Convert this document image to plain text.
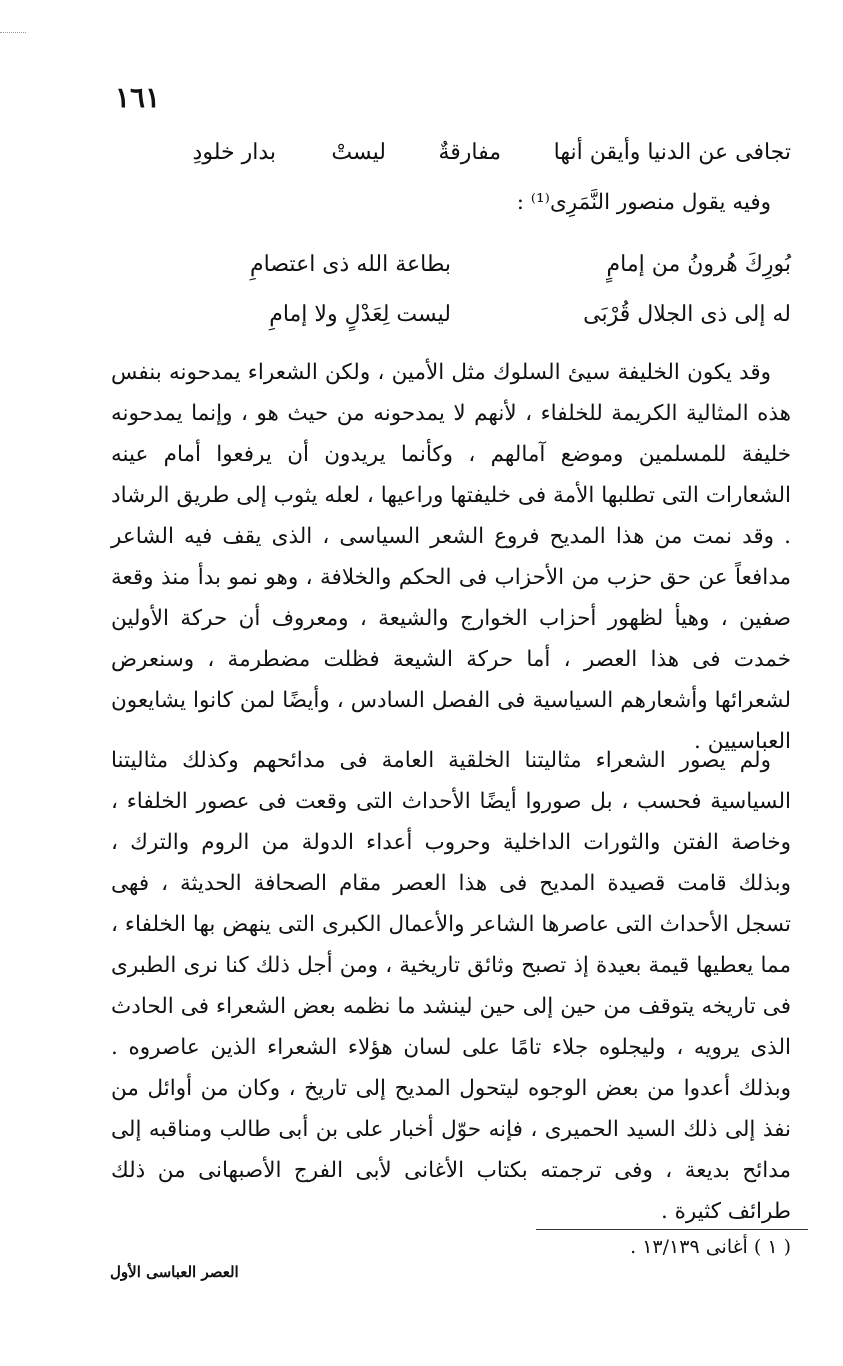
١٦١
تجافى عن الدنيا وأيقن أنها
مفارقةٌ
ليستْ
بدار خلودِ
وفيه يقول منصور النَّمَرِى⁽¹⁾ :
بُورِكَ هُرونُ من إمامٍ
بطاعة الله ذى اعتصامِ
له إلى ذى الجلال قُرْبَى
ليست لِعَدْلٍ ولا إمامِ
وقد يكون الخليفة سيئ السلوك مثل الأمين ، ولكن الشعراء يمدحونه بنفس هذه المثالية الكريمة للخلفاء ، لأنهم لا يمدحونه من حيث هو ، وإنما يمدحونه خليفة للمسلمين وموضع آمالهم ، وكأنما يريدون أن يرفعوا أمام عينه الشعارات التى تطلبها الأمة فى خليفتها وراعيها ، لعله يثوب إلى طريق الرشاد . وقد نمت من هذا المديح فروع الشعر السياسى ، الذى يقف فيه الشاعر مدافعاً عن حق حزب من الأحزاب فى الحكم والخلافة ، وهو نمو بدأ منذ وقعة صفين ، وهيأ لظهور أحزاب الخوارج والشيعة ، ومعروف أن حركة الأولين خمدت فى هذا العصر ، أما حركة الشيعة فظلت مضطرمة ، وسنعرض لشعرائها وأشعارهم السياسية فى الفصل السادس ، وأيضًا لمن كانوا يشايعون العباسيين .
ولم يصور الشعراء مثاليتنا الخلقية العامة فى مدائحهم وكذلك مثاليتنا السياسية فحسب ، بل صوروا أيضًا الأحداث التى وقعت فى عصور الخلفاء ، وخاصة الفتن والثورات الداخلية وحروب أعداء الدولة من الروم والترك ، وبذلك قامت قصيدة المديح فى هذا العصر مقام الصحافة الحديثة ، فهى تسجل الأحداث التى عاصرها الشاعر والأعمال الكبرى التى ينهض بها الخلفاء ، مما يعطيها قيمة بعيدة إذ تصبح وثائق تاريخية ، ومن أجل ذلك كنا نرى الطبرى فى تاريخه يتوقف من حين إلى حين لينشد ما نظمه بعض الشعراء فى الحادث الذى يرويه ، وليجلوه جلاء تامًا على لسان هؤلاء الشعراء الذين عاصروه . وبذلك أعدوا من بعض الوجوه ليتحول المديح إلى تاريخ ، وكان من أوائل من نفذ إلى ذلك السيد الحميرى ، فإنه حوّل أخبار على بن أبى طالب ومناقبه إلى مدائح بديعة ، وفى ترجمته بكتاب الأغانى لأبى الفرج الأصبهانى من ذلك طرائف كثيرة .
( ١ ) أغانى ١٣/١٣٩ .
العصر العباسى الأول
